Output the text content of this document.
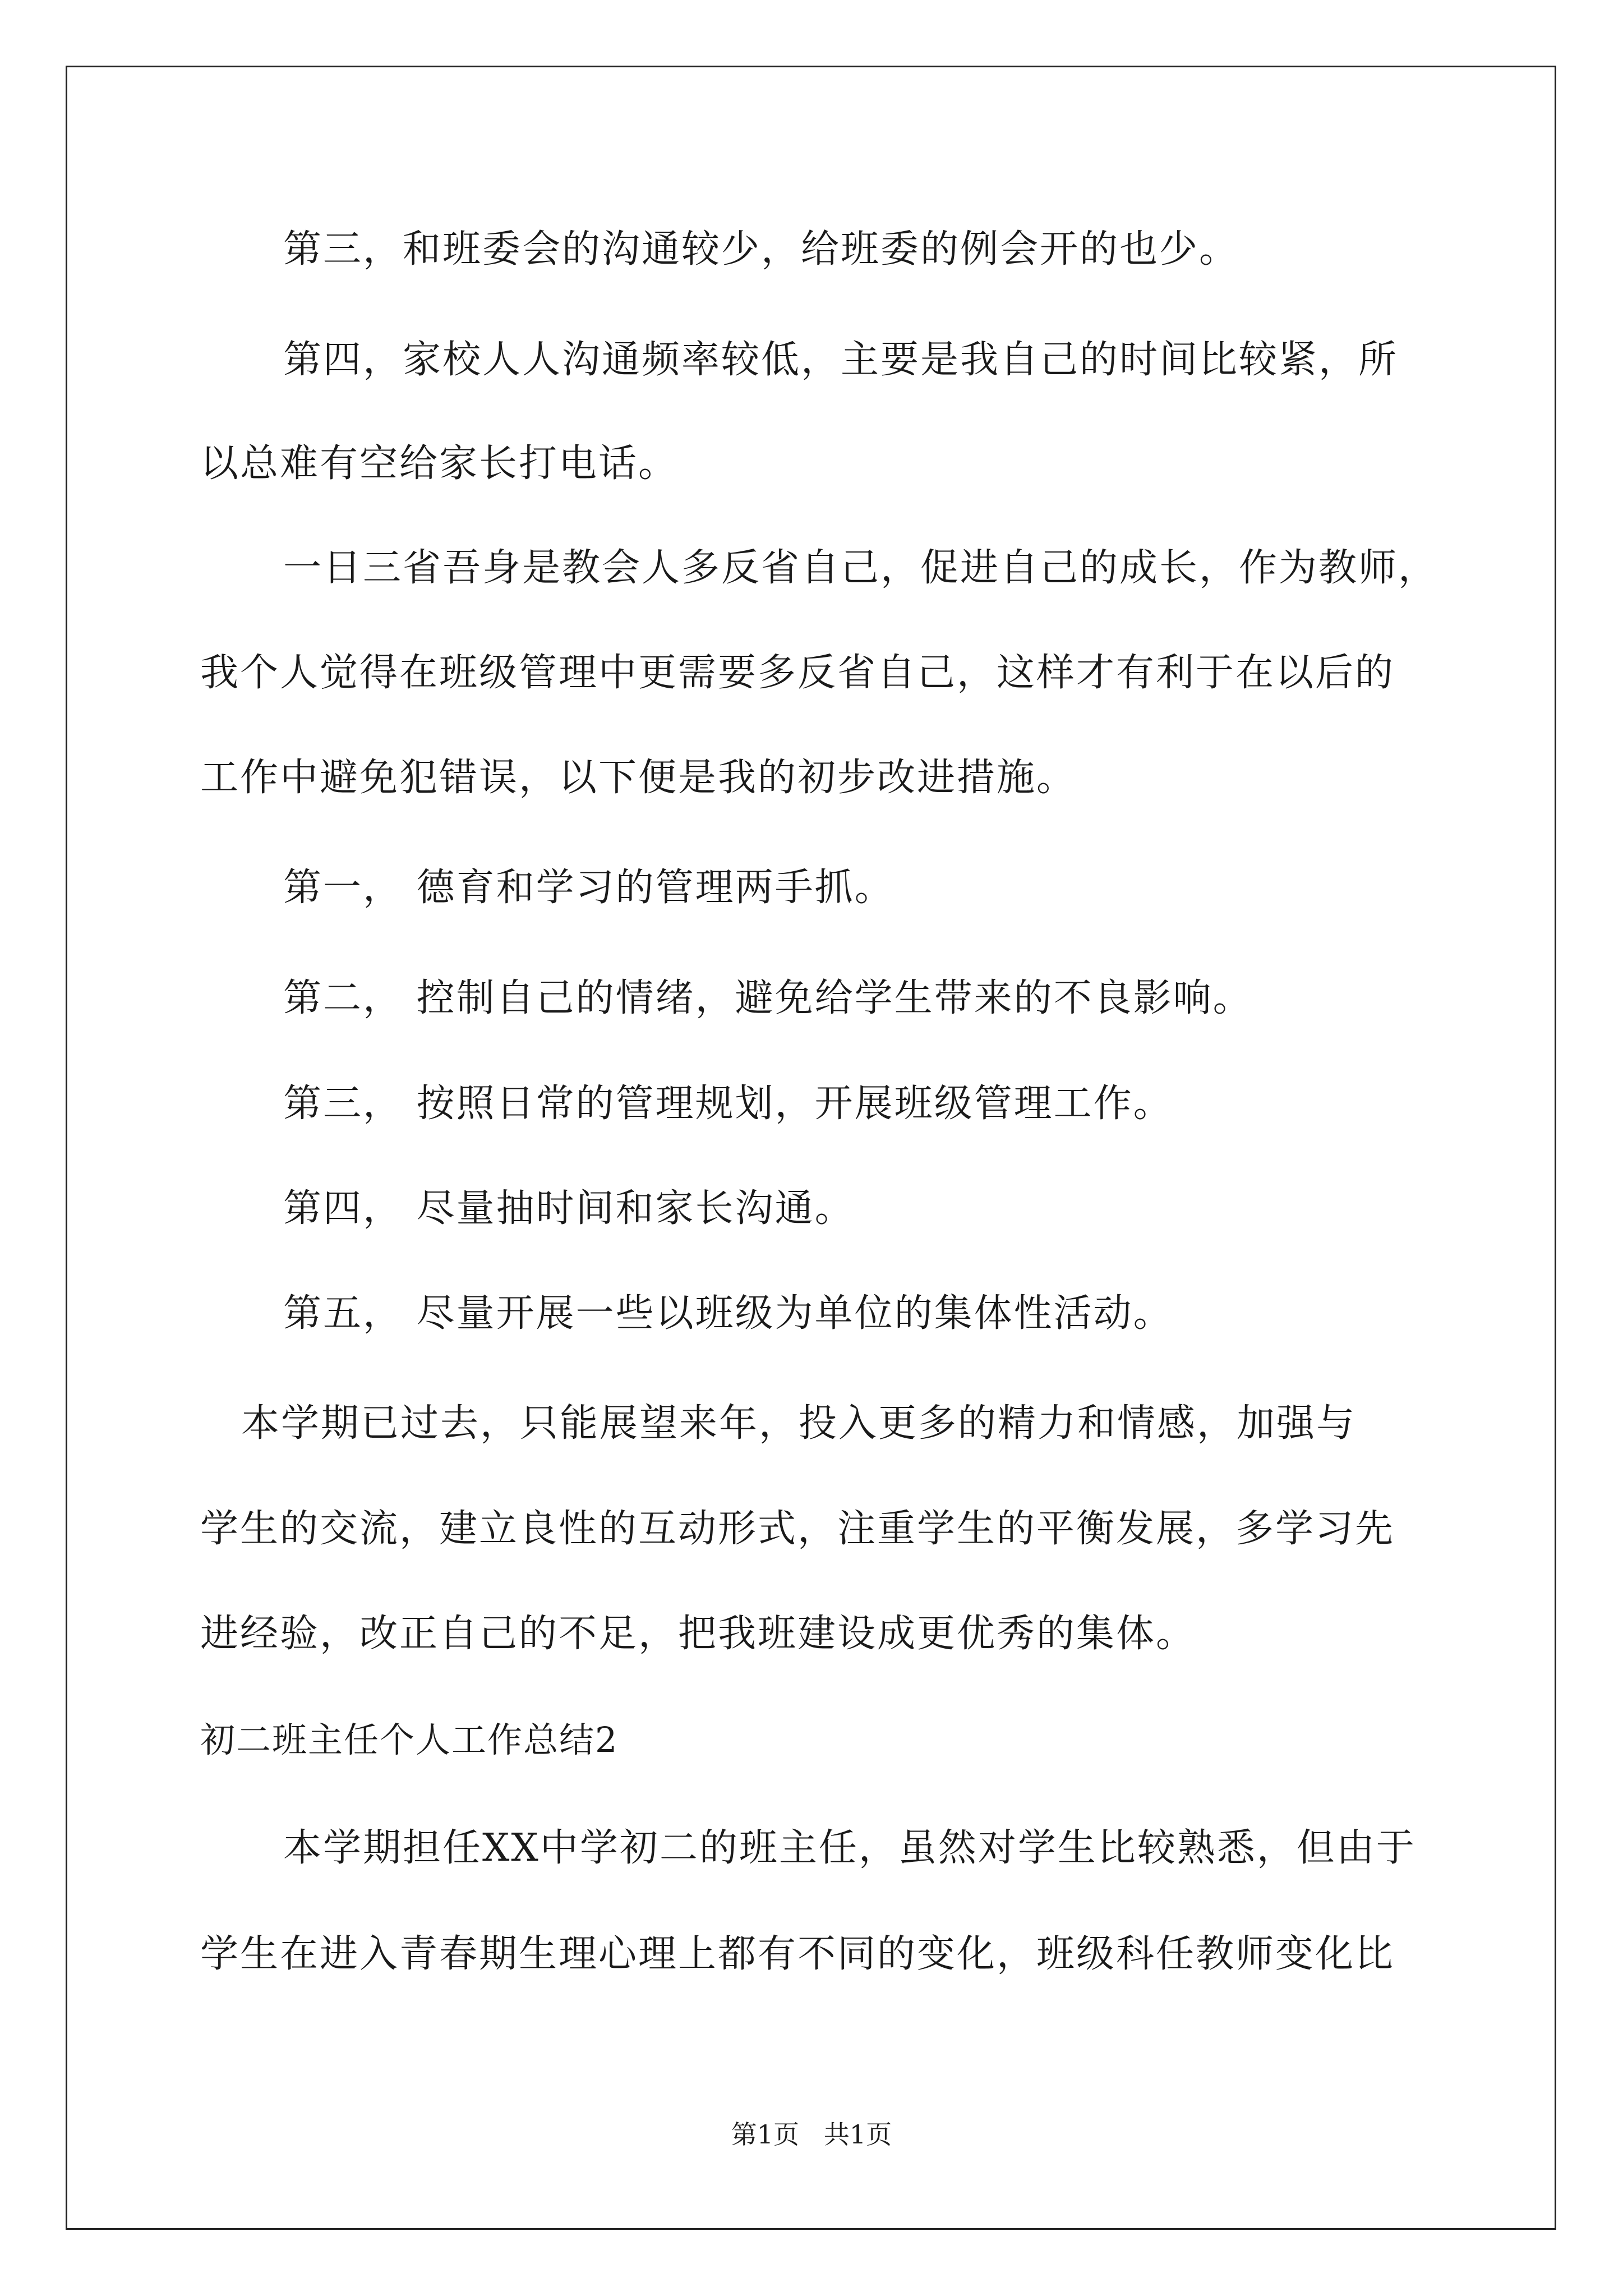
第三，和班委会的沟通较少，给班委的例会开的也少。
第四，家校人人沟通频率较低，主要是我自己的时间比较紧，所
以总难有空给家长打电话。
一日三省吾身是教会人多反省自己，促进自己的成长，作为教师，
我个人觉得在班级管理中更需要多反省自己，这样才有利于在以后的
工作中避免犯错误，以下便是我的初步改进措施。
第一， 德育和学习的管理两手抓。
第二， 控制自己的情绪，避免给学生带来的不良影响。
第三， 按照日常的管理规划，开展班级管理工作。
第四， 尽量抽时间和家长沟通。
第五， 尽量开展一些以班级为单位的集体性活动。
本学期已过去，只能展望来年，投入更多的精力和情感，加强与
学生的交流，建立良性的互动形式，注重学生的平衡发展，多学习先
进经验，改正自己的不足，把我班建设成更优秀的集体。
初二班主任个人工作总结2
本学期担任XX中学初二的班主任，虽然对学生比较熟悉，但由于
学生在进入青春期生理心理上都有不同的变化，班级科任教师变化比
第1页   共1页
